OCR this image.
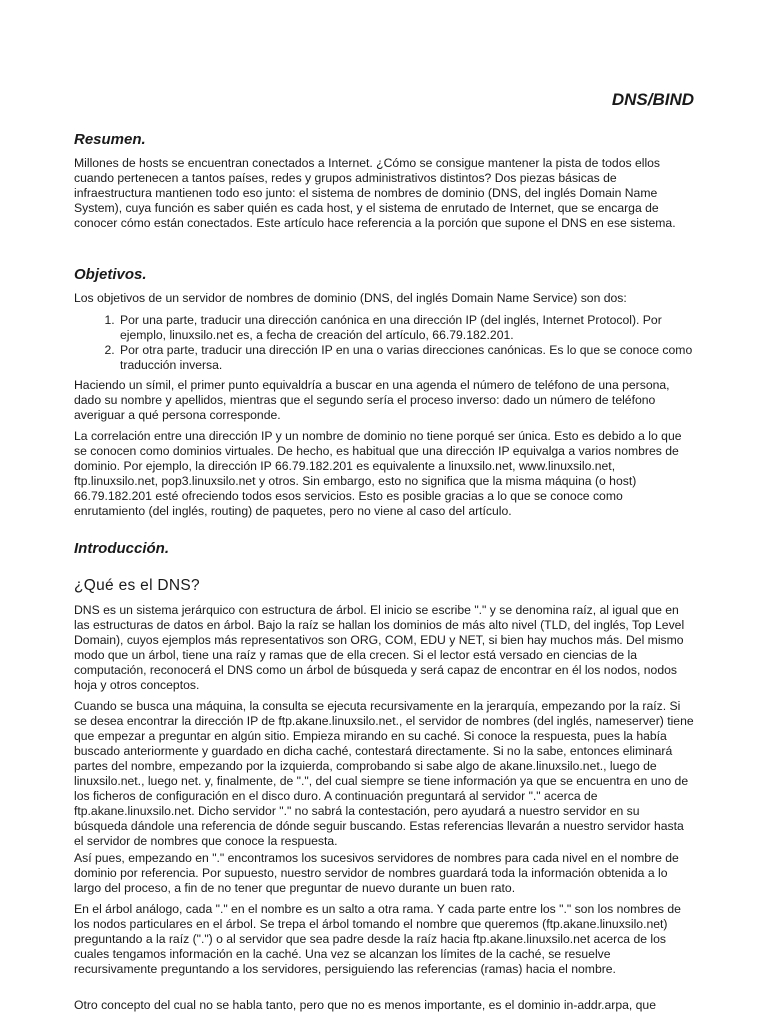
DNS/BIND
Resumen.

Millones de hosts se encuentran conectados a Internet. ¿Cómo se consigue mantener la pista de todos ellos cuando pertenecen a tantos países, redes y grupos administrativos distintos? Dos piezas básicas de infraestructura mantienen todo eso junto: el sistema de nombres de dominio (DNS, del inglés Domain Name System), cuya función es saber quién es cada host, y el sistema de enrutado de Internet, que se encarga de conocer cómo están conectados. Este artículo hace referencia a la porción que supone el DNS en ese sistema.

Objetivos.

Los objetivos de un servidor de nombres de dominio (DNS, del inglés Domain Name Service) son dos:

1. Por una parte, traducir una dirección canónica en una dirección IP (del inglés, Internet Protocol). Por ejemplo, linuxsilo.net es, a fecha de creación del artículo, 66.79.182.201.
2. Por otra parte, traducir una dirección IP en una o varias direcciones canónicas. Es lo que se conoce como traducción inversa.

Haciendo un símil, el primer punto equivaldría a buscar en una agenda el número de teléfono de una persona, dado su nombre y apellidos, mientras que el segundo sería el proceso inverso: dado un número de teléfono averiguar a qué persona corresponde.

La correlación entre una dirección IP y un nombre de dominio no tiene porqué ser única. Esto es debido a lo que se conocen como dominios virtuales. De hecho, es habitual que una dirección IP equivalga a varios nombres de dominio. Por ejemplo, la dirección IP 66.79.182.201 es equivalente a linuxsilo.net, www.linuxsilo.net, ftp.linuxsilo.net, pop3.linuxsilo.net y otros. Sin embargo, esto no significa que la misma máquina (o host) 66.79.182.201 esté ofreciendo todos esos servicios. Esto es posible gracias a lo que se conoce como enrutamiento (del inglés, routing) de paquetes, pero no viene al caso del artículo.

Introducción.
¿Qué es el DNS?

DNS es un sistema jerárquico con estructura de árbol. El inicio se escribe "." y se denomina raíz, al igual que en las estructuras de datos en árbol. Bajo la raíz se hallan los dominios de más alto nivel (TLD, del inglés, Top Level Domain), cuyos ejemplos más representativos son ORG, COM, EDU y NET, si bien hay muchos más. Del mismo modo que un árbol, tiene una raíz y ramas que de ella crecen. Si el lector está versado en ciencias de la computación, reconocerá el DNS como un árbol de búsqueda y será capaz de encontrar en él los nodos, nodos hoja y otros conceptos.

Cuando se busca una máquina, la consulta se ejecuta recursivamente en la jerarquía, empezando por la raíz. Si se desea encontrar la dirección IP de ftp.akane.linuxsilo.net., el servidor de nombres (del inglés, nameserver) tiene que empezar a preguntar en algún sitio. Empieza mirando en su caché. Si conoce la respuesta, pues la había buscado anteriormente y guardado en dicha caché, contestará directamente. Si no la sabe, entonces eliminará partes del nombre, empezando por la izquierda, comprobando si sabe algo de akane.linuxsilo.net., luego de linuxsilo.net., luego net. y, finalmente, de ".", del cual siempre se tiene información ya que se encuentra en uno de los ficheros de configuración en el disco duro. A continuación preguntará al servidor "." acerca de ftp.akane.linuxsilo.net. Dicho servidor "." no sabrá la contestación, pero ayudará a nuestro servidor en su búsqueda dándole una referencia de dónde seguir buscando. Estas referencias llevarán a nuestro servidor hasta el servidor de nombres que conoce la respuesta.

Así pues, empezando en "." encontramos los sucesivos servidores de nombres para cada nivel en el nombre de dominio por referencia. Por supuesto, nuestro servidor de nombres guardará toda la información obtenida a lo largo del proceso, a fin de no tener que preguntar de nuevo durante un buen rato.

En el árbol análogo, cada "." en el nombre es un salto a otra rama. Y cada parte entre los "." son los nombres de los nodos particulares en el árbol. Se trepa el árbol tomando el nombre que queremos (ftp.akane.linuxsilo.net) preguntando a la raíz (".") o al servidor que sea padre desde la raíz hacia ftp.akane.linuxsilo.net acerca de los cuales tengamos información en la caché. Una vez se alcanzan los límites de la caché, se resuelve recursivamente preguntando a los servidores, persiguiendo las referencias (ramas) hacia el nombre.

Otro concepto del cual no se habla tanto, pero que no es menos importante, es el dominio in-addr.arpa, que
